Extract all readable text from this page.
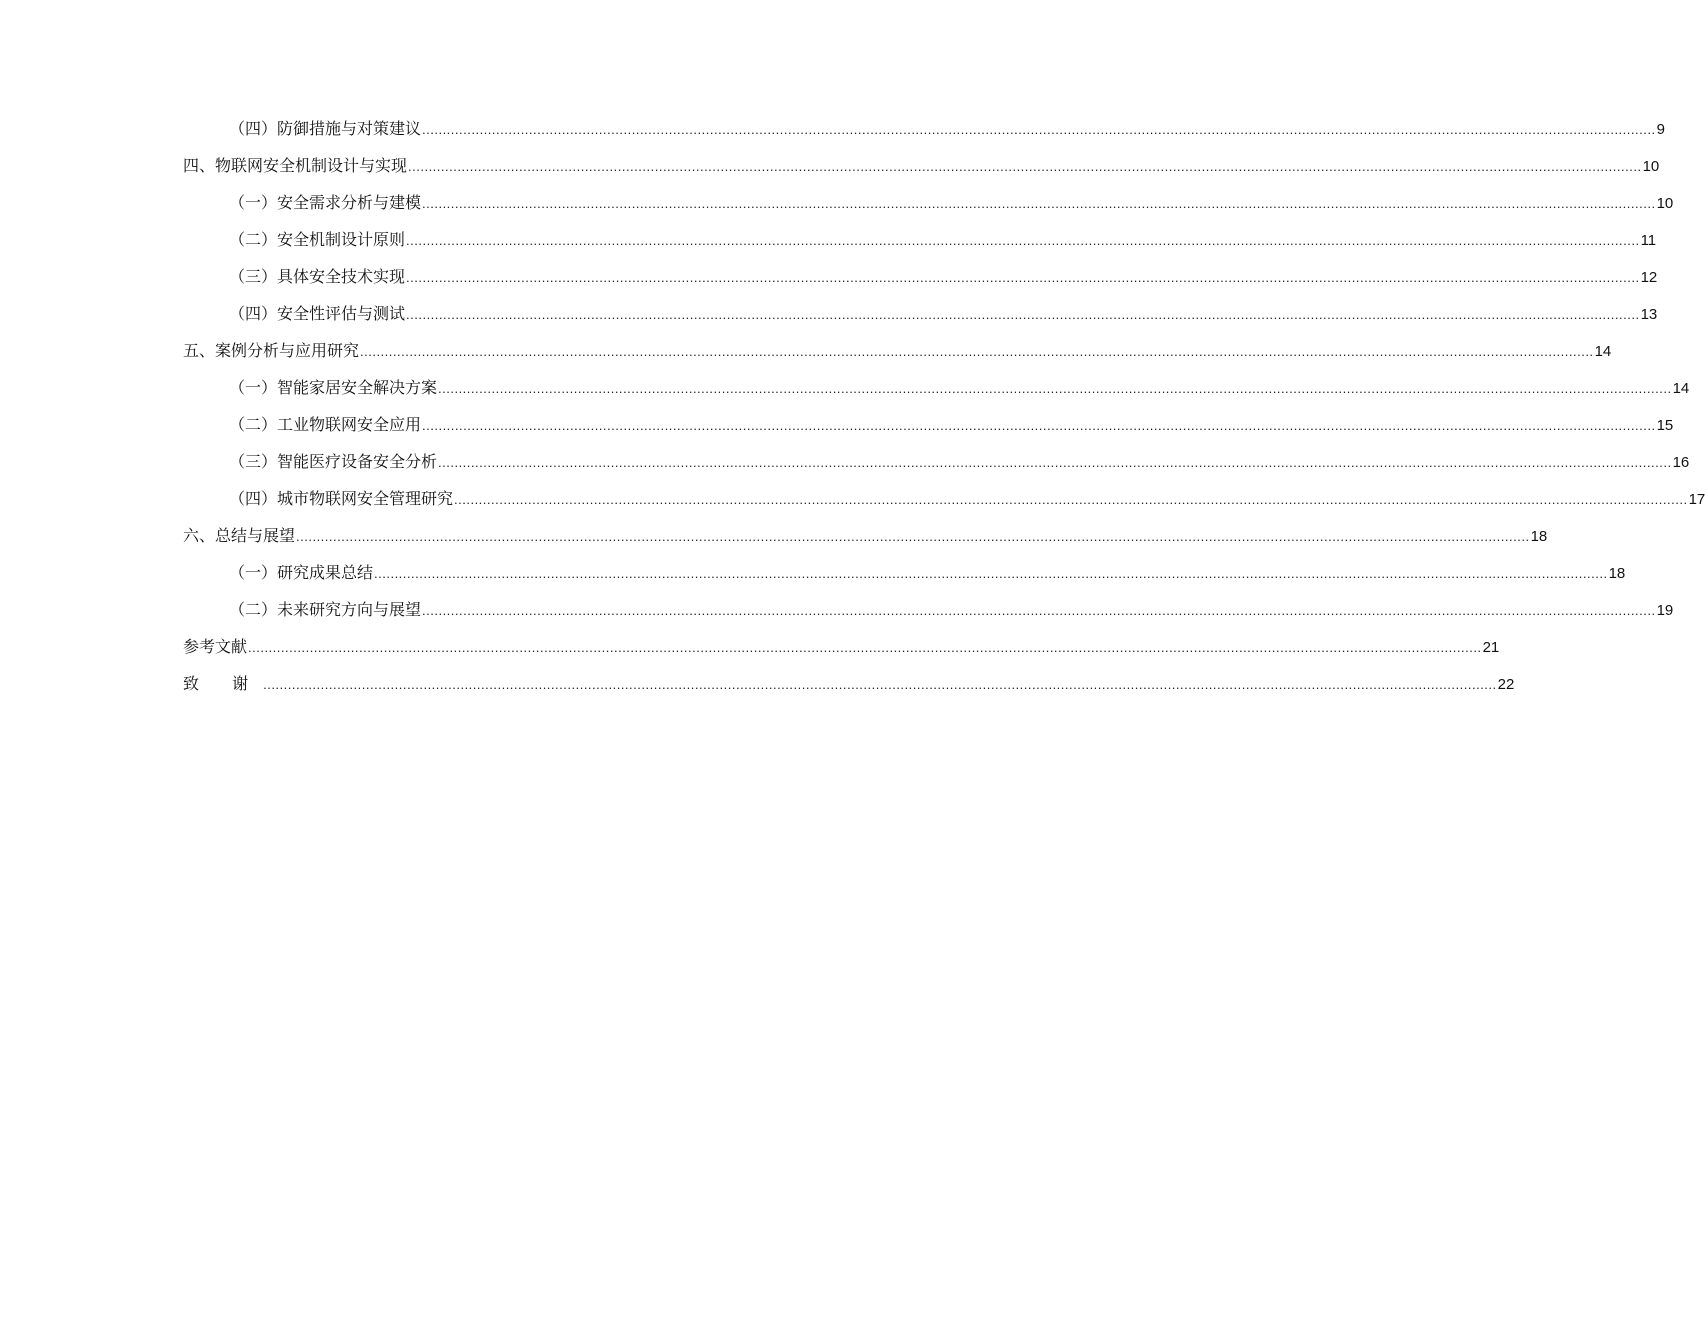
（四）防御措施与对策建议 ............................................................................................................................................................................................................................................................................................................ 9
四、物联网安全机制设计与实现 ............................................................................................................................................................................................................................................................................................................ 10
（一）安全需求分析与建模 ............................................................................................................................................................................................................................................................................................................ 10
（二）安全机制设计原则 ............................................................................................................................................................................................................................................................................................................ 11
（三）具体安全技术实现 ............................................................................................................................................................................................................................................................................................................ 12
（四）安全性评估与测试 ............................................................................................................................................................................................................................................................................................................ 13
五、案例分析与应用研究 ............................................................................................................................................................................................................................................................................................................ 14
（一）智能家居安全解决方案 ............................................................................................................................................................................................................................................................................................................ 14
（二）工业物联网安全应用 ............................................................................................................................................................................................................................................................................................................ 15
（三）智能医疗设备安全分析 ............................................................................................................................................................................................................................................................................................................ 16
（四）城市物联网安全管理研究 ............................................................................................................................................................................................................................................................................................................ 17
六、总结与展望 ............................................................................................................................................................................................................................................................................................................ 18
（一）研究成果总结 ............................................................................................................................................................................................................................................................................................................ 18
（二）未来研究方向与展望 ............................................................................................................................................................................................................................................................................................................ 19
参考文献 ............................................................................................................................................................................................................................................................................................................ 21
致 谢 ............................................................................................................................................................................................................................................................................................................ 22
